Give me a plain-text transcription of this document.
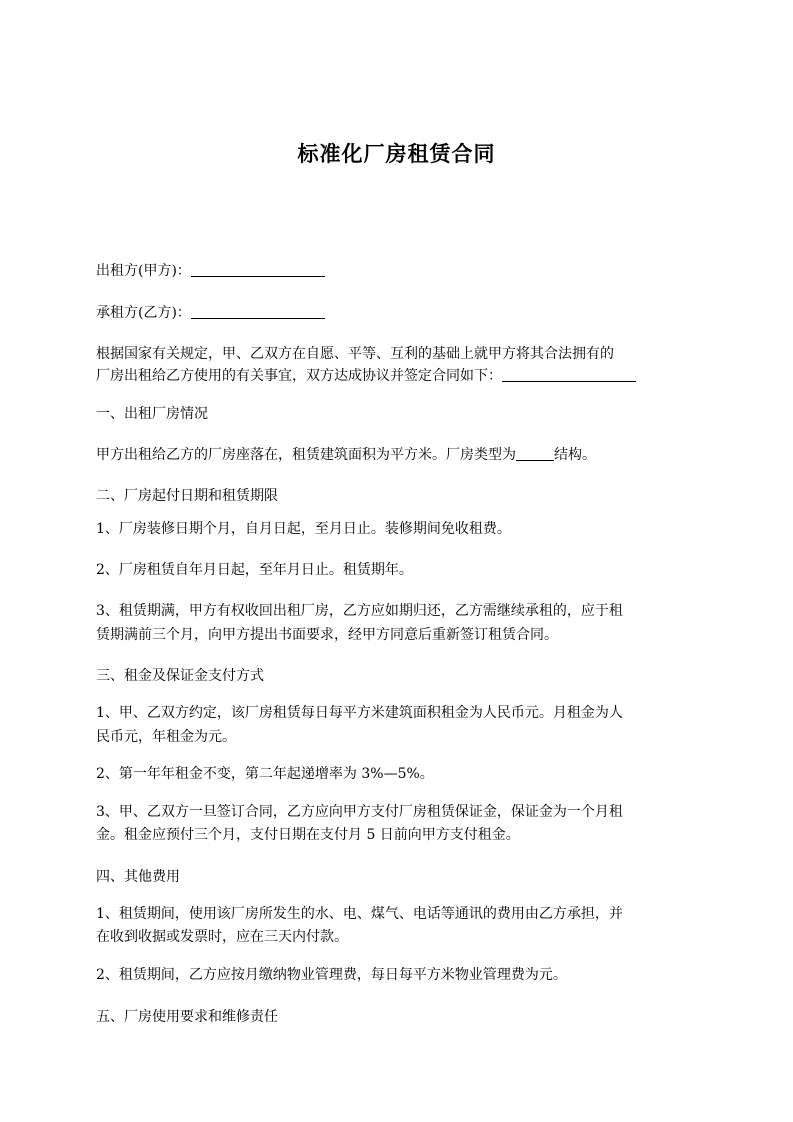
标准化厂房租赁合同
出租方(甲方)：
承租方(乙方)：
根据国家有关规定，甲、乙双方在自愿、平等、互利的基础上就甲方将其合法拥有的
厂房出租给乙方使用的有关事宜，双方达成协议并签定合同如下：
一、出租厂房情况
甲方出租给乙方的厂房座落在，租赁建筑面积为平方米。厂房类型为	结构。
二、厂房起付日期和租赁期限
1、厂房装修日期个月，自月日起，至月日止。装修期间免收租费。
2、厂房租赁自年月日起，至年月日止。租赁期年。
3、租赁期满，甲方有权收回出租厂房，乙方应如期归还，乙方需继续承租的，应于租
赁期满前三个月，向甲方提出书面要求，经甲方同意后重新签订租赁合同。
三、租金及保证金支付方式
1、甲、乙双方约定，该厂房租赁每日每平方米建筑面积租金为人民币元。月租金为人
民币元，年租金为元。
2、第一年年租金不变，第二年起递增率为 3%—5%。
3、甲、乙双方一旦签订合同，乙方应向甲方支付厂房租赁保证金，保证金为一个月租
金。租金应预付三个月，支付日期在支付月 5 日前向甲方支付租金。
四、其他费用
1、租赁期间，使用该厂房所发生的水、电、煤气、电话等通讯的费用由乙方承担，并
在收到收据或发票时，应在三天内付款。
2、租赁期间，乙方应按月缴纳物业管理费，每日每平方米物业管理费为元。
五、厂房使用要求和维修责任
